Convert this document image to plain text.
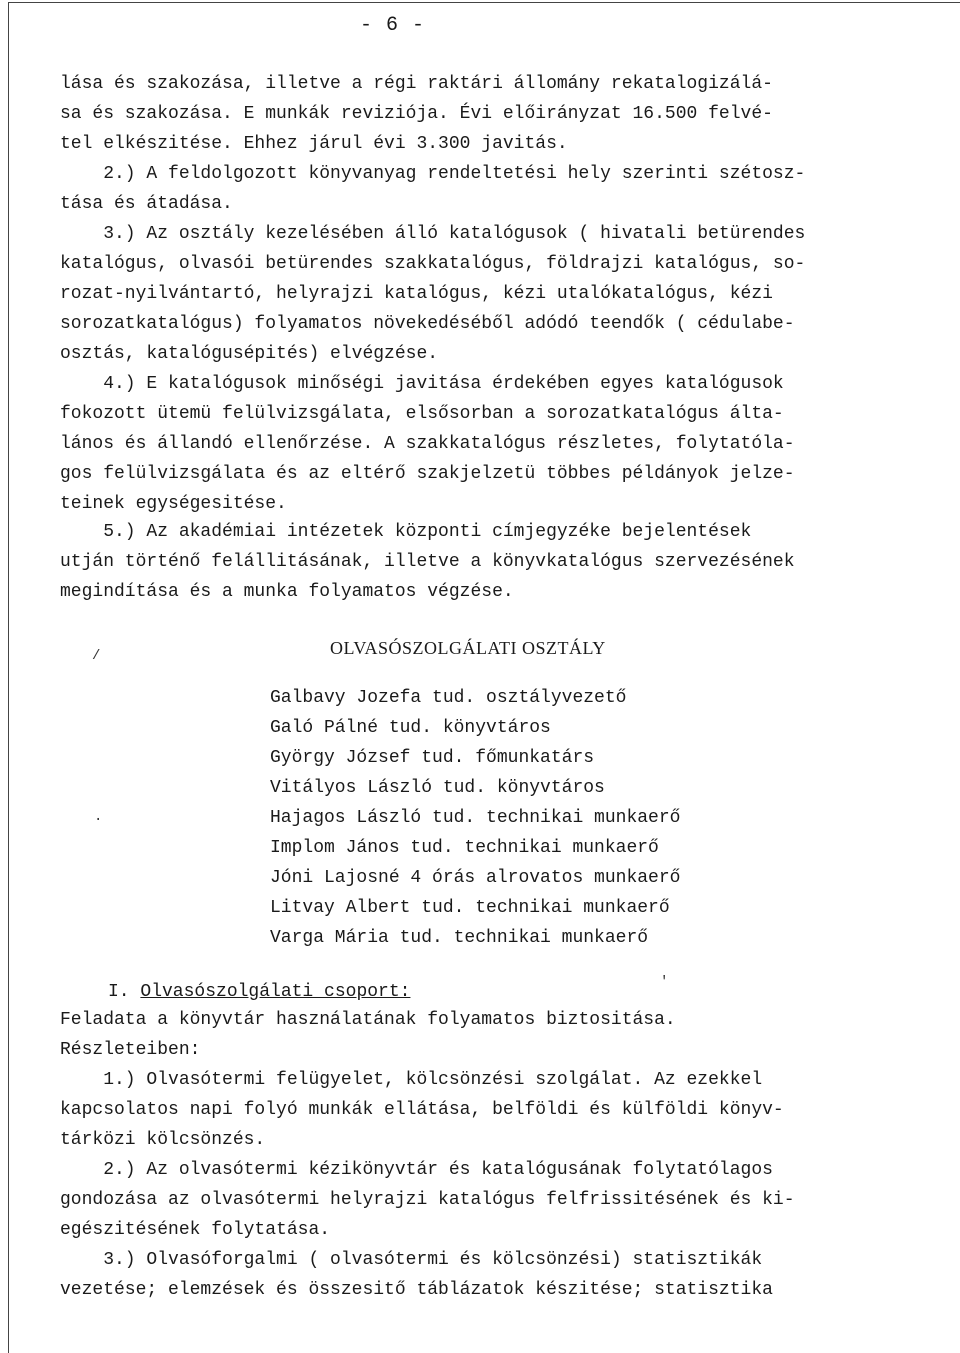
- 6 -
lása és szakozása, illetve a régi raktári állomány rekatalogizálá-
sa és szakozása. E munkák reviziója. Évi előirányzat 16.500 felvé-
tel elkészitése. Ehhez járul évi 3.300 javitás.
2.) A feldolgozott könyvanyag rendeltetési hely szerinti szétosz-
tása és átadása.
3.) Az osztály kezelésében álló katalógusok ( hivatali betürendes
katalógus, olvasói betürendes szakkatalógus, földrajzi katalógus, so-
rozat-nyilvántartó, helyrajzi katalógus, kézi utalókatalógus, kézi
sorozatkatalógus) folyamatos növekedéséből adódó teendők ( cédulabe-
osztás, katalógusépités) elvégzése.
4.) E katalógusok minőségi javitása érdekében egyes katalógusok
fokozott ütemü felülvizsgálata, elsősorban a sorozatkatalógus álta-
lános és állandó ellenőrzése. A szakkatalógus részletes, folytatóla-
gos felülvizsgálata és az eltérő szakjelzetü többes példányok jelze-
teinek egységesitése.
5.) Az akadémiai intézetek központi címjegyzéke bejelentések
utján történő felállitásának, illetve a könyvkatalógus szervezésének
megindítása és a munka folyamatos végzése.
/
·
'
OLVASÓSZOLGÁLATI OSZTÁLY
Galbavy Jozefa tud. osztályvezető
Galó Pálné tud. könyvtáros
György József tud. főmunkatárs
Vitályos László tud. könyvtáros
Hajagos László tud. technikai munkaerő
Implom János tud. technikai munkaerő
Jóni Lajosné 4 órás alrovatos munkaerő
Litvay Albert tud. technikai munkaerő
Varga Mária tud. technikai munkaerő
I. Olvasószolgálati csoport:
Feladata a könyvtár használatának folyamatos biztositása.
Részleteiben:
1.) Olvasótermi felügyelet, kölcsönzési szolgálat. Az ezekkel
kapcsolatos napi folyó munkák ellátása, belföldi és külföldi könyv-
tárközi kölcsönzés.
2.) Az olvasótermi kézikönyvtár és katalógusának folytatólagos
gondozása az olvasótermi helyrajzi katalógus felfrissitésének és ki-
egészitésének folytatása.
3.) Olvasóforgalmi ( olvasótermi és kölcsönzési) statisztikák
vezetése; elemzések és összesitő táblázatok készitése; statisztika
